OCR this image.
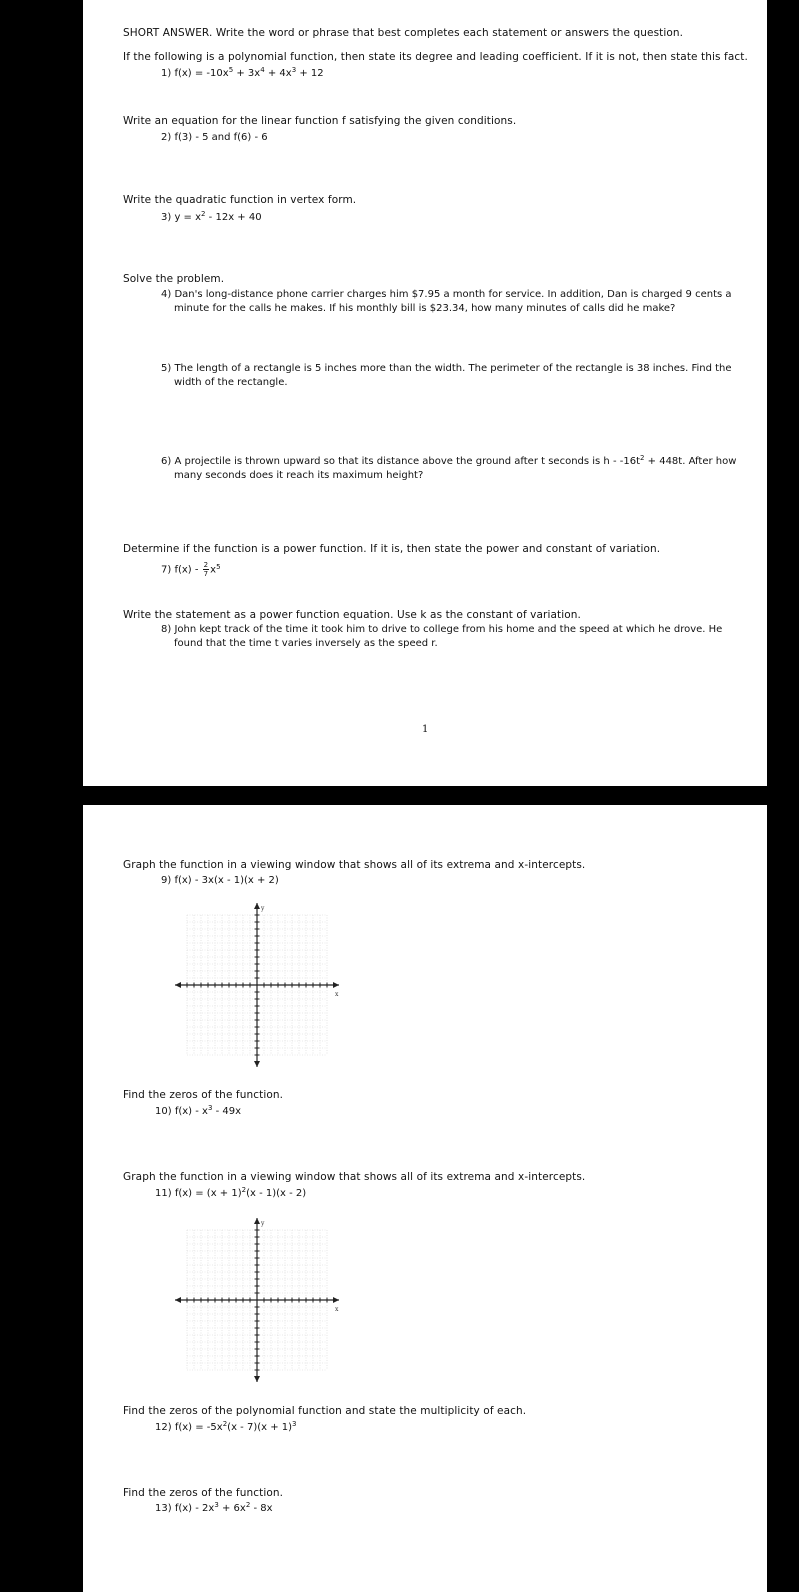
SHORT ANSWER. Write the word or phrase that best completes each statement or answers the question.
If the following is a polynomial function, then state its degree and leading coefficient. If it is not, then state this fact.
1) $f(x) = -10x^5 + 3x^4 + 4x^3 + 12$
Write an equation for the linear function f satisfying the given conditions.
2) f(3) - 5 and f(6) - 6
Write the quadratic function in vertex form.
3) $y = x^2 - 12x + 40$
Solve the problem.
4) Dan's long-distance phone carrier charges him $7.95 a month for service. In addition, Dan is charged 9 cents a
minute for the calls he makes. If his monthly bill is $23.34, how many minutes of calls did he make?
5) The length of a rectangle is 5 inches more than the width. The perimeter of the rectangle is 38 inches. Find the
width of the rectangle.
6) A projectile is thrown upward so that its distance above the ground after t seconds is $h - -16t^2 + 448t$. After how
many seconds does it reach its maximum height?
Determine if the function is a power function. If it is, then state the power and constant of variation.
7) $f(x) - \frac{2}{7} x^5$
Write the statement as a power function equation. Use k as the constant of variation.
8) John kept track of the time it took him to drive to college from his home and the speed at which he drove. He
found that the time t varies inversely as the speed r.
1
Graph the function in a viewing window that shows all of its extrema and x-intercepts.
9) f(x) - 3x(x - 1)(x + 2)
x
y
Find the zeros of the function.
10) $f(x) - x^3 - 49x$
Graph the function in a viewing window that shows all of its extrema and x-intercepts.
11) $f(x) = (x + 1)^2(x - 1)(x - 2)$
x
y
Find the zeros of the polynomial function and state the multiplicity of each.
12) $f(x) = -5x^2(x - 7)(x + 1)^3$
Find the zeros of the function.
13) $f(x) - 2x^3 + 6x^2 - 8x$
